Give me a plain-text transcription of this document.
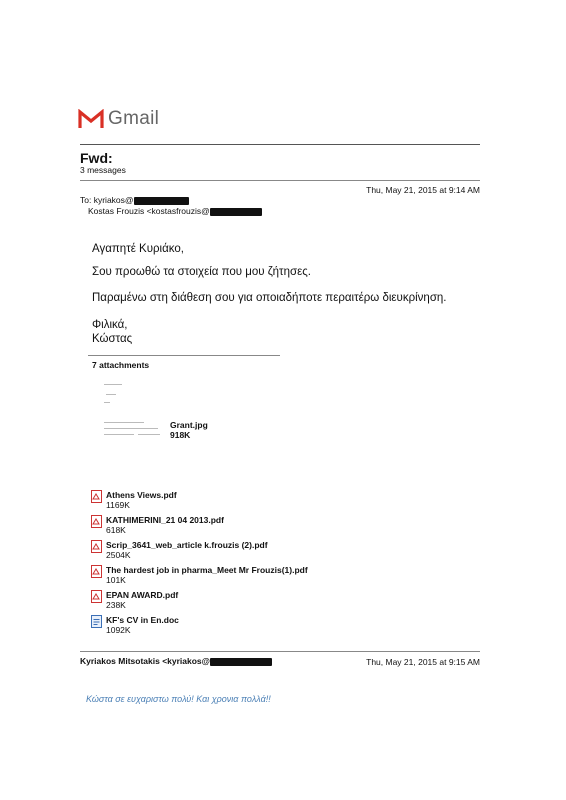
Gmail
Fwd:
3 messages
Thu, May 21, 2015 at 9:14 AM
To: kyriakos@
Kostas Frouzis <kostasfrouzis@
Αγαπητέ Κυριάκο,
Σου προωθώ τα στοιχεία που μου ζήτησες.
Παραμένω στη διάθεση σου για οποιαδήποτε περαιτέρω διευκρίνηση.
Φιλικά,
Κώστας
7 attachments
Grant.jpg
918K
Athens Views.pdf
1169K
KATHIMERINI_21 04 2013.pdf
618K
Scrip_3641_web_article k.frouzis (2).pdf
2504K
The hardest job in pharma_Meet Mr Frouzis(1).pdf
101K
EPAN AWARD.pdf
238K
KF's CV in En.doc
1092K
Kyriakos Mitsotakis <kyriakos@	Thu, May 21, 2015 at 9:15 AM
Κώστα σε ευχαριστω πολύ! Και χρονια πολλά!!
